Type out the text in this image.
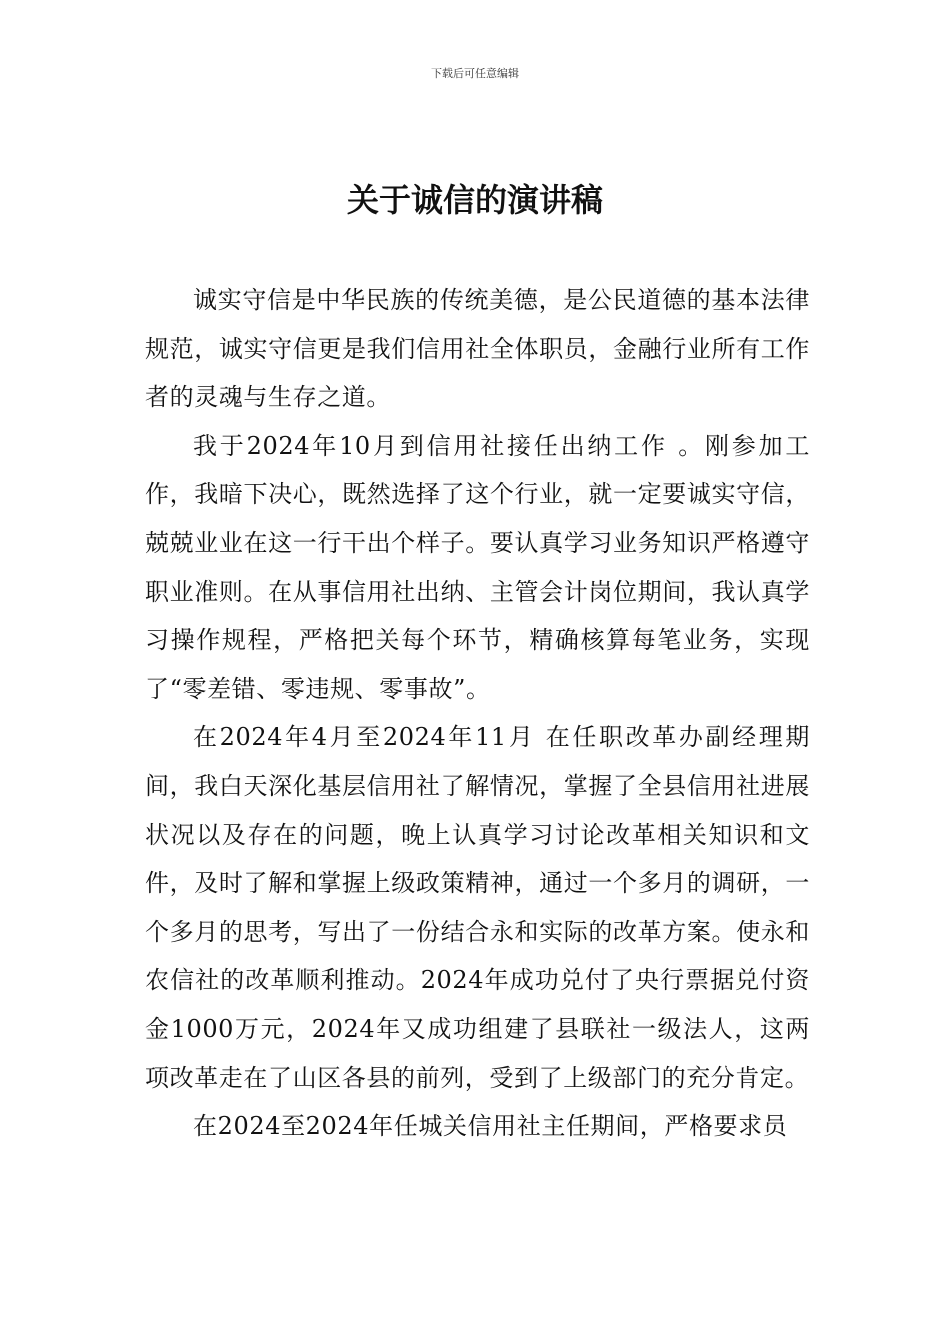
下载后可任意编辑
关于诚信的演讲稿

诚实守信是中华民族的传统美德，是公民道德的基本法律规范，诚实守信更是我们信用社全体职员，金融行业所有工作者的灵魂与生存之道。

我于2024年10月到信用社接任出纳工作 。刚参加工作，我暗下决心，既然选择了这个行业，就一定要诚实守信，兢兢业业在这一行干出个样子。要认真学习业务知识严格遵守职业准则。在从事信用社出纳、主管会计岗位期间，我认真学习操作规程，严格把关每个环节，精确核算每笔业务，实现了“零差错、零违规、零事故”。

在2024年4月至2024年11月 在任职改革办副经理期间，我白天深化基层信用社了解情况，掌握了全县信用社进展状况以及存在的问题，晚上认真学习讨论改革相关知识和文件，及时了解和掌握上级政策精神，通过一个多月的调研，一个多月的思考，写出了一份结合永和实际的改革方案。使永和农信社的改革顺利推动。2024年成功兑付了央行票据兑付资金1000万元，2024年又成功组建了县联社一级法人，这两项改革走在了山区各县的前列，受到了上级部门的充分肯定。

在2024至2024年任城关信用社主任期间，严格要求员
